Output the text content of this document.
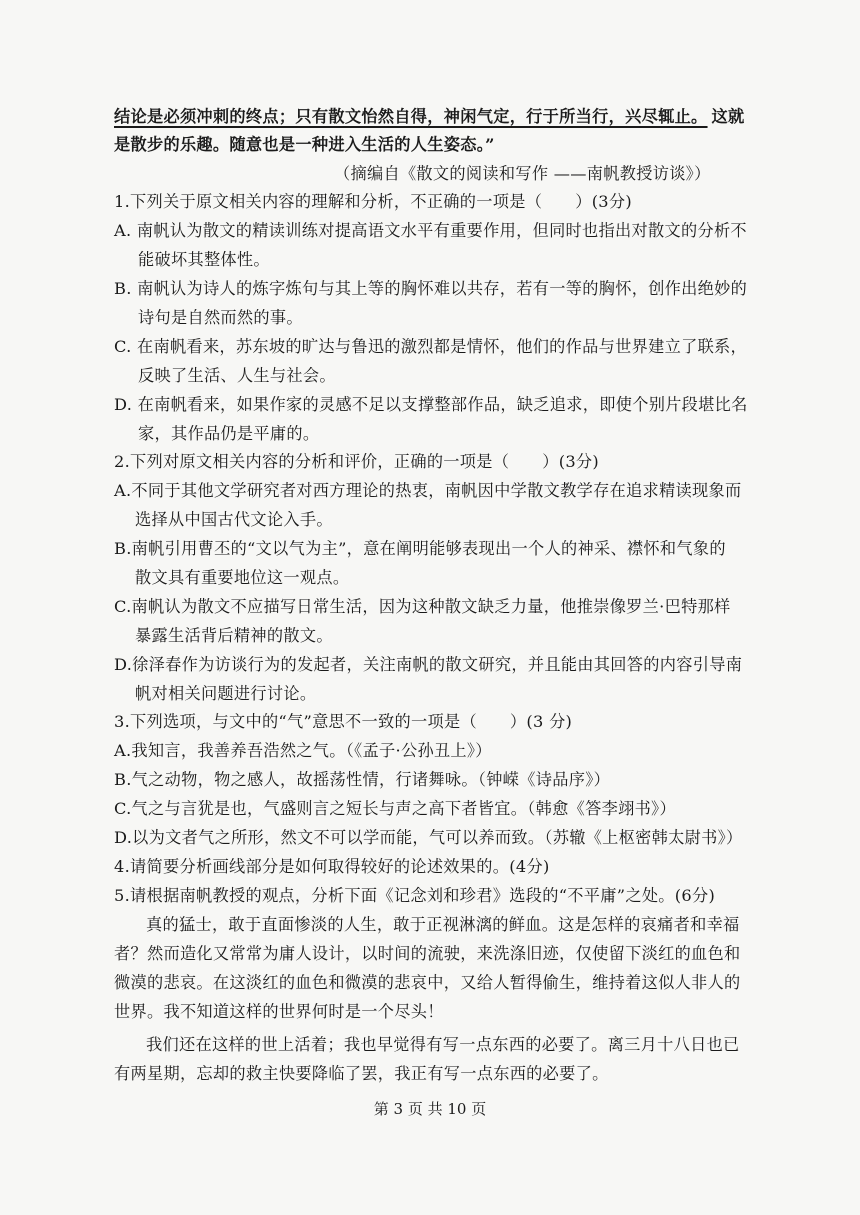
结论是必须冲刺的终点；只有散文怡然自得，神闲气定，行于所当行，兴尽辄止。 这就
是散步的乐趣。随意也是一种进入生活的人生姿态。”
（摘编自《散文的阅读和写作 ——南帆教授访谈》）
1.下列关于原文相关内容的理解和分析，不正确的一项是（　　）(3分)
A. 南帆认为散文的精读训练对提高语文水平有重要作用，但同时也指出对散文的分析不
能破坏其整体性。
B. 南帆认为诗人的炼字炼句与其上等的胸怀难以共存，若有一等的胸怀，创作出绝妙的
诗句是自然而然的事。
C. 在南帆看来，苏东坡的旷达与鲁迅的激烈都是情怀，他们的作品与世界建立了联系，
反映了生活、人生与社会。
D. 在南帆看来，如果作家的灵感不足以支撑整部作品，缺乏追求，即使个别片段堪比名
家，其作品仍是平庸的。
2.下列对原文相关内容的分析和评价，正确的一项是（　　）(3分)
A.不同于其他文学研究者对西方理论的热衷，南帆因中学散文教学存在追求精读现象而
选择从中国古代文论入手。
B.南帆引用曹丕的“文以气为主”，意在阐明能够表现出一个人的神采、襟怀和气象的
散文具有重要地位这一观点。
C.南帆认为散文不应描写日常生活，因为这种散文缺乏力量，他推崇像罗兰·巴特那样
暴露生活背后精神的散文。
D.徐泽春作为访谈行为的发起者，关注南帆的散文研究，并且能由其回答的内容引导南
帆对相关问题进行讨论。
3.下列选项，与文中的“气”意思不一致的一项是（　　）(3 分)
A.我知言，我善养吾浩然之气。（《孟子·公孙丑上》）
B.气之动物，物之感人，故摇荡性情，行诸舞咏。（钟嵘《诗品序》）
C.气之与言犹是也，气盛则言之短长与声之高下者皆宜。（韩愈《答李翊书》）
D.以为文者气之所形，然文不可以学而能，气可以养而致。（苏辙《上枢密韩太尉书》）
4.请简要分析画线部分是如何取得较好的论述效果的。(4分)
5.请根据南帆教授的观点，分析下面《记念刘和珍君》选段的“不平庸”之处。(6分)
真的猛士，敢于直面惨淡的人生，敢于正视淋漓的鲜血。这是怎样的哀痛者和幸福
者？然而造化又常常为庸人设计，以时间的流驶，来洗涤旧迹，仅使留下淡红的血色和
微漠的悲哀。在这淡红的血色和微漠的悲哀中，又给人暂得偷生，维持着这似人非人的
世界。我不知道这样的世界何时是一个尽头！
我们还在这样的世上活着；我也早觉得有写一点东西的必要了。离三月十八日也已
有两星期，忘却的救主快要降临了罢，我正有写一点东西的必要了。
第 3 页 共 10 页
